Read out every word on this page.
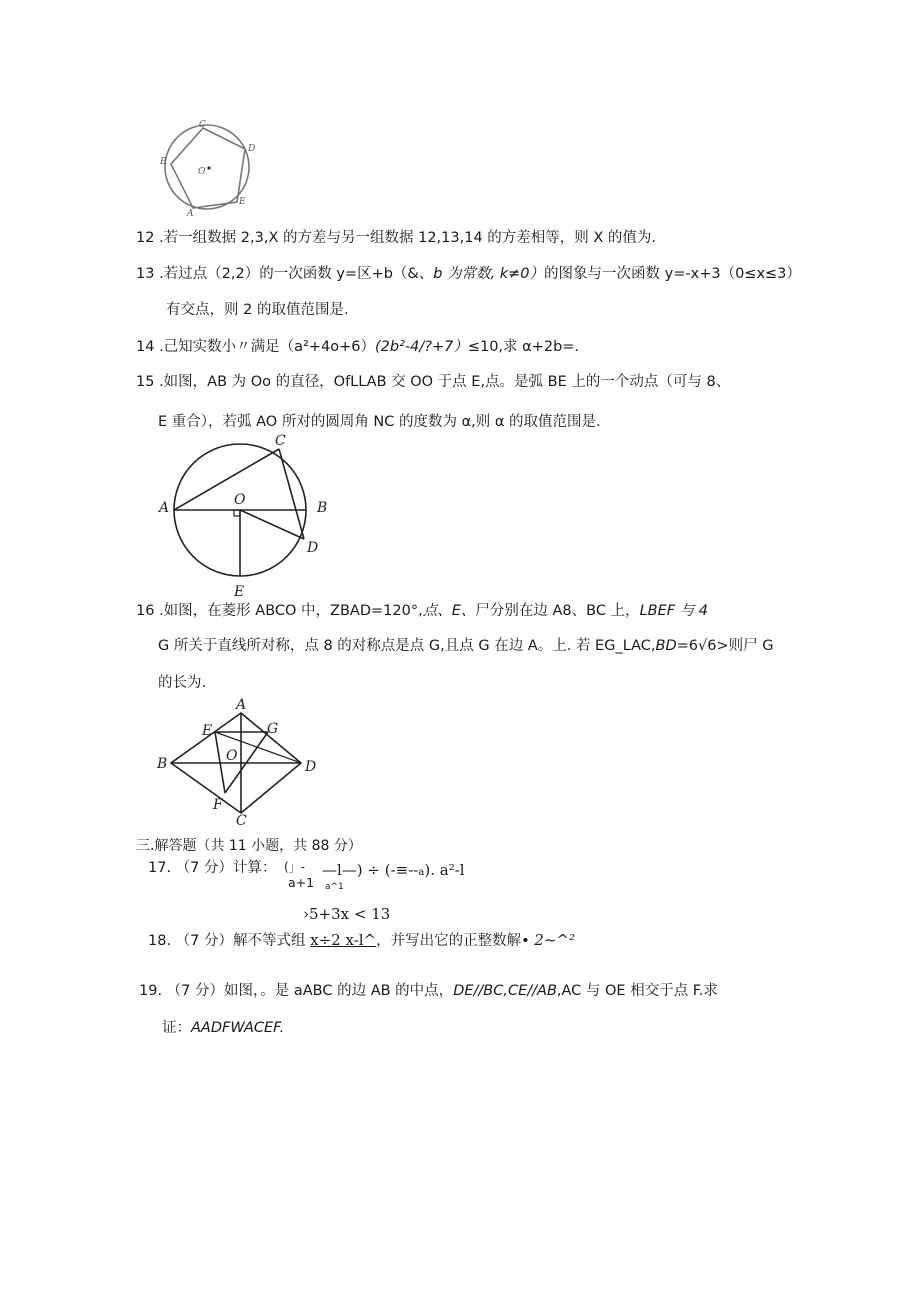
C
B
D
O
A
E
12 .若一组数据 2,3,X 的方差与另一组数据 12,13,14 的方差相等，则 X 的值为.
13 .若过点（2,2）的一次函数 y=区+b（&、b 为常数, k≠0）的图象与一次函数 y=-x+3（0≤x≤3）
有交点，则 2 的取值范围是.
14 .己知实数小〃满足（a²+4o+6）(2b²-4/?+7）≤10,求 α+2b=.
15 .如图，AB 为 Oo 的直径，OfLLAB 交 OO 于点 E,点。是弧 BE 上的一个动点（可与 8、
E 重合），若弧 AO 所对的圆周角 NC 的度数为 α,则 α 的取值范围是.
C
A	O	B
D
E
16 .如图，在菱形 ABCO 中，ZBAD=120°,点、E、尸分别在边 A8、BC 上，LBEF 与 4
G 所关于直线所对称，点 8 的对称点是点 G,且点 G 在边 A。上. 若 EG_LAC,BD=6√6>则尸 G
的长为.
A
E	G
O
B	D
F
C
三.解答题（共 11 小题，共 88 分）
17. （7 分）计算： (」- —l—) ÷ (-≡--a). a²-l
a+1 a^1
›5+3x < 13
18. （7 分）解不等式组 x÷2 x-l^，并写出它的正整数解• 2~^²
19. （7 分）如图，。是 aABC 的边 AB 的中点，DE//BC,CE∕∕AB,AC 与 OE 相交于点 F.求
证：AADFWACEF.
